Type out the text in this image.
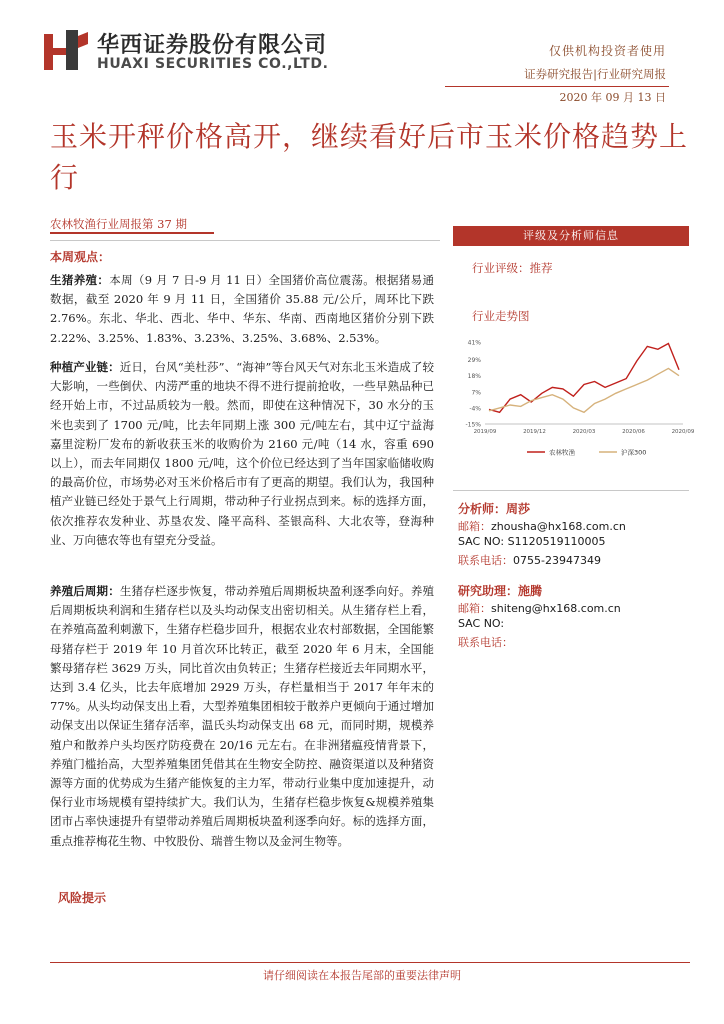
华西证券股份有限公司
HUAXI SECURITIES CO.,LTD.
仅供机构投资者使用
证券研究报告|行业研究周报
2020 年 09 月 13 日
玉米开秤价格高开，继续看好后市玉米价格趋势上行
农林牧渔行业周报第 37 期
本周观点：
生猪养殖：本周（9 月 7 日-9 月 11 日）全国猪价高位震荡。根据猪易通数据，截至 2020 年 9 月 11 日，全国猪价 35.88 元/公斤，周环比下跌 2.76%。东北、华北、西北、华中、华东、华南、西南地区猪价分别下跌 2.22%、3.25%、1.83%、3.23%、3.25%、3.68%、2.53%。
种植产业链：近日，台风“美杜莎”、“海神”等台风天气对东北玉米造成了较大影响，一些倒伏、内涝严重的地块不得不进行提前抢收，一些早熟品种已经开始上市，不过品质较为一般。然而，即使在这种情况下，30 水分的玉米也卖到了 1700 元/吨，比去年同期上涨 300 元/吨左右，其中辽宁益海嘉里淀粉厂发布的新收获玉米的收购价为 2160 元/吨（14 水，容重 690 以上），而去年同期仅 1800 元/吨，这个价位已经达到了当年国家临储收购的最高价位，市场势必对玉米价格后市有了更高的期望。我们认为，我国种植产业链已经处于景气上行周期，带动种子行业拐点到来。标的选择方面，依次推荐农发种业、苏垦农发、隆平高科、荃银高科、大北农等，登海种业、万向德农等也有望充分受益。
养殖后周期：生猪存栏逐步恢复，带动养殖后周期板块盈利逐季向好。养殖后周期板块利润和生猪存栏以及头均动保支出密切相关。从生猪存栏上看，在养殖高盈利刺激下，生猪存栏稳步回升，根据农业农村部数据，全国能繁母猪存栏于 2019 年 10 月首次环比转正，截至 2020 年 6 月末，全国能繁母猪存栏 3629 万头，同比首次由负转正；生猪存栏接近去年同期水平，达到 3.4 亿头，比去年底增加 2929 万头，存栏量相当于 2017 年年末的 77%。从头均动保支出上看，大型养殖集团相较于散养户更倾向于通过增加动保支出以保证生猪存活率，温氏头均动保支出 68 元，而同时期，规模养殖户和散养户头均医疗防疫费在 20/16 元左右。在非洲猪瘟疫情背景下，养殖门槛抬高，大型养殖集团凭借其在生物安全防控、融资渠道以及种猪资源等方面的优势成为生猪产能恢复的主力军，带动行业集中度加速提升，动保行业市场规模有望持续扩大。我们认为，生猪存栏稳步恢复&规模养殖集团市占率快速提升有望带动养殖后周期板块盈利逐季向好。标的选择方面，重点推荐梅花生物、中牧股份、瑞普生物以及金河生物等。
风险提示
评级及分析师信息
行业评级：推荐
行业走势图
41%
29%
18%
7%
-4%
-15%
2019/09	2019/12	2020/03	2020/06	2020/09
农林牧渔	沪深300
分析师：周莎
邮箱：zhousha@hx168.com.cn
SAC NO: S1120519110005
联系电话：0755-23947349
研究助理：施腾
邮箱：shiteng@hx168.com.cn
SAC NO:
联系电话：
请仔细阅读在本报告尾部的重要法律声明
